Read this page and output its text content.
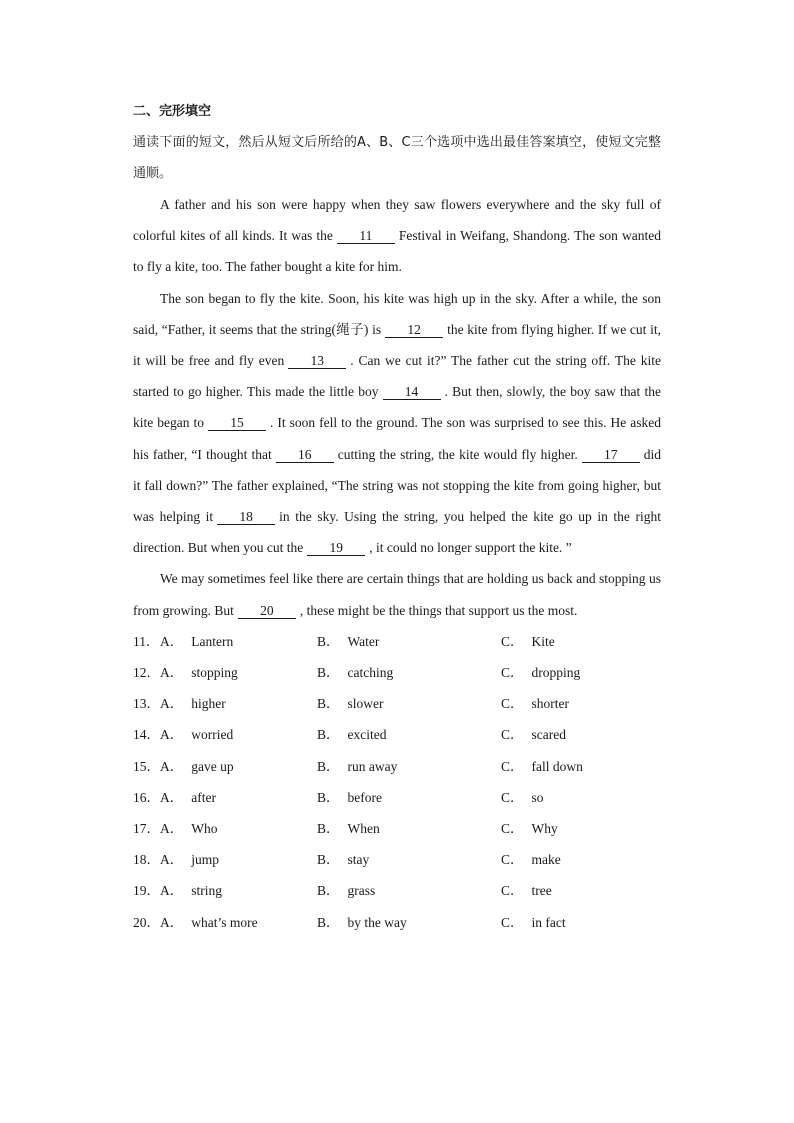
二、完形填空

通读下面的短文，然后从短文后所给的A、B、C三个选项中选出最佳答案填空，使短文完整通顺。

A father and his son were happy when they saw flowers everywhere and the sky full of colorful kites of all kinds. It was the 11 Festival in Weifang, Shandong. The son wanted to fly a kite, too. The father bought a kite for him.

The son began to fly the kite. Soon, his kite was high up in the sky. After a while, the son said, “Father, it seems that the string(绳子) is 12 the kite from flying higher. If we cut it, it will be free and fly even 13 . Can we cut it?” The father cut the string off. The kite started to go higher. This made the little boy 14 . But then, slowly, the boy saw that the kite began to 15 . It soon fell to the ground. The son was surprised to see this. He asked his father, “I thought that 16 cutting the string, the kite would fly higher. 17 did it fall down?” The father explained, “The string was not stopping the kite from going higher, but was helping it 18 in the sky. Using the string, you helped the kite go up in the right direction. But when you cut the 19 , it could no longer support the kite. ”

We may sometimes feel like there are certain things that are holding us back and stopping us from growing. But 20 , these might be the things that support us the most.

11． A． Lantern	B． Water	C． Kite
12． A． stopping	B． catching	C． dropping
13． A． higher	B． slower	C． shorter
14． A． worried	B． excited	C． scared
15． A． gave up	B． run away	C． fall down
16． A． after	B． before	C． so
17． A． Who	B． When	C． Why
18． A． jump	B． stay	C． make
19． A． string	B． grass	C． tree
20． A． what’s more	B． by the way	C． in fact
